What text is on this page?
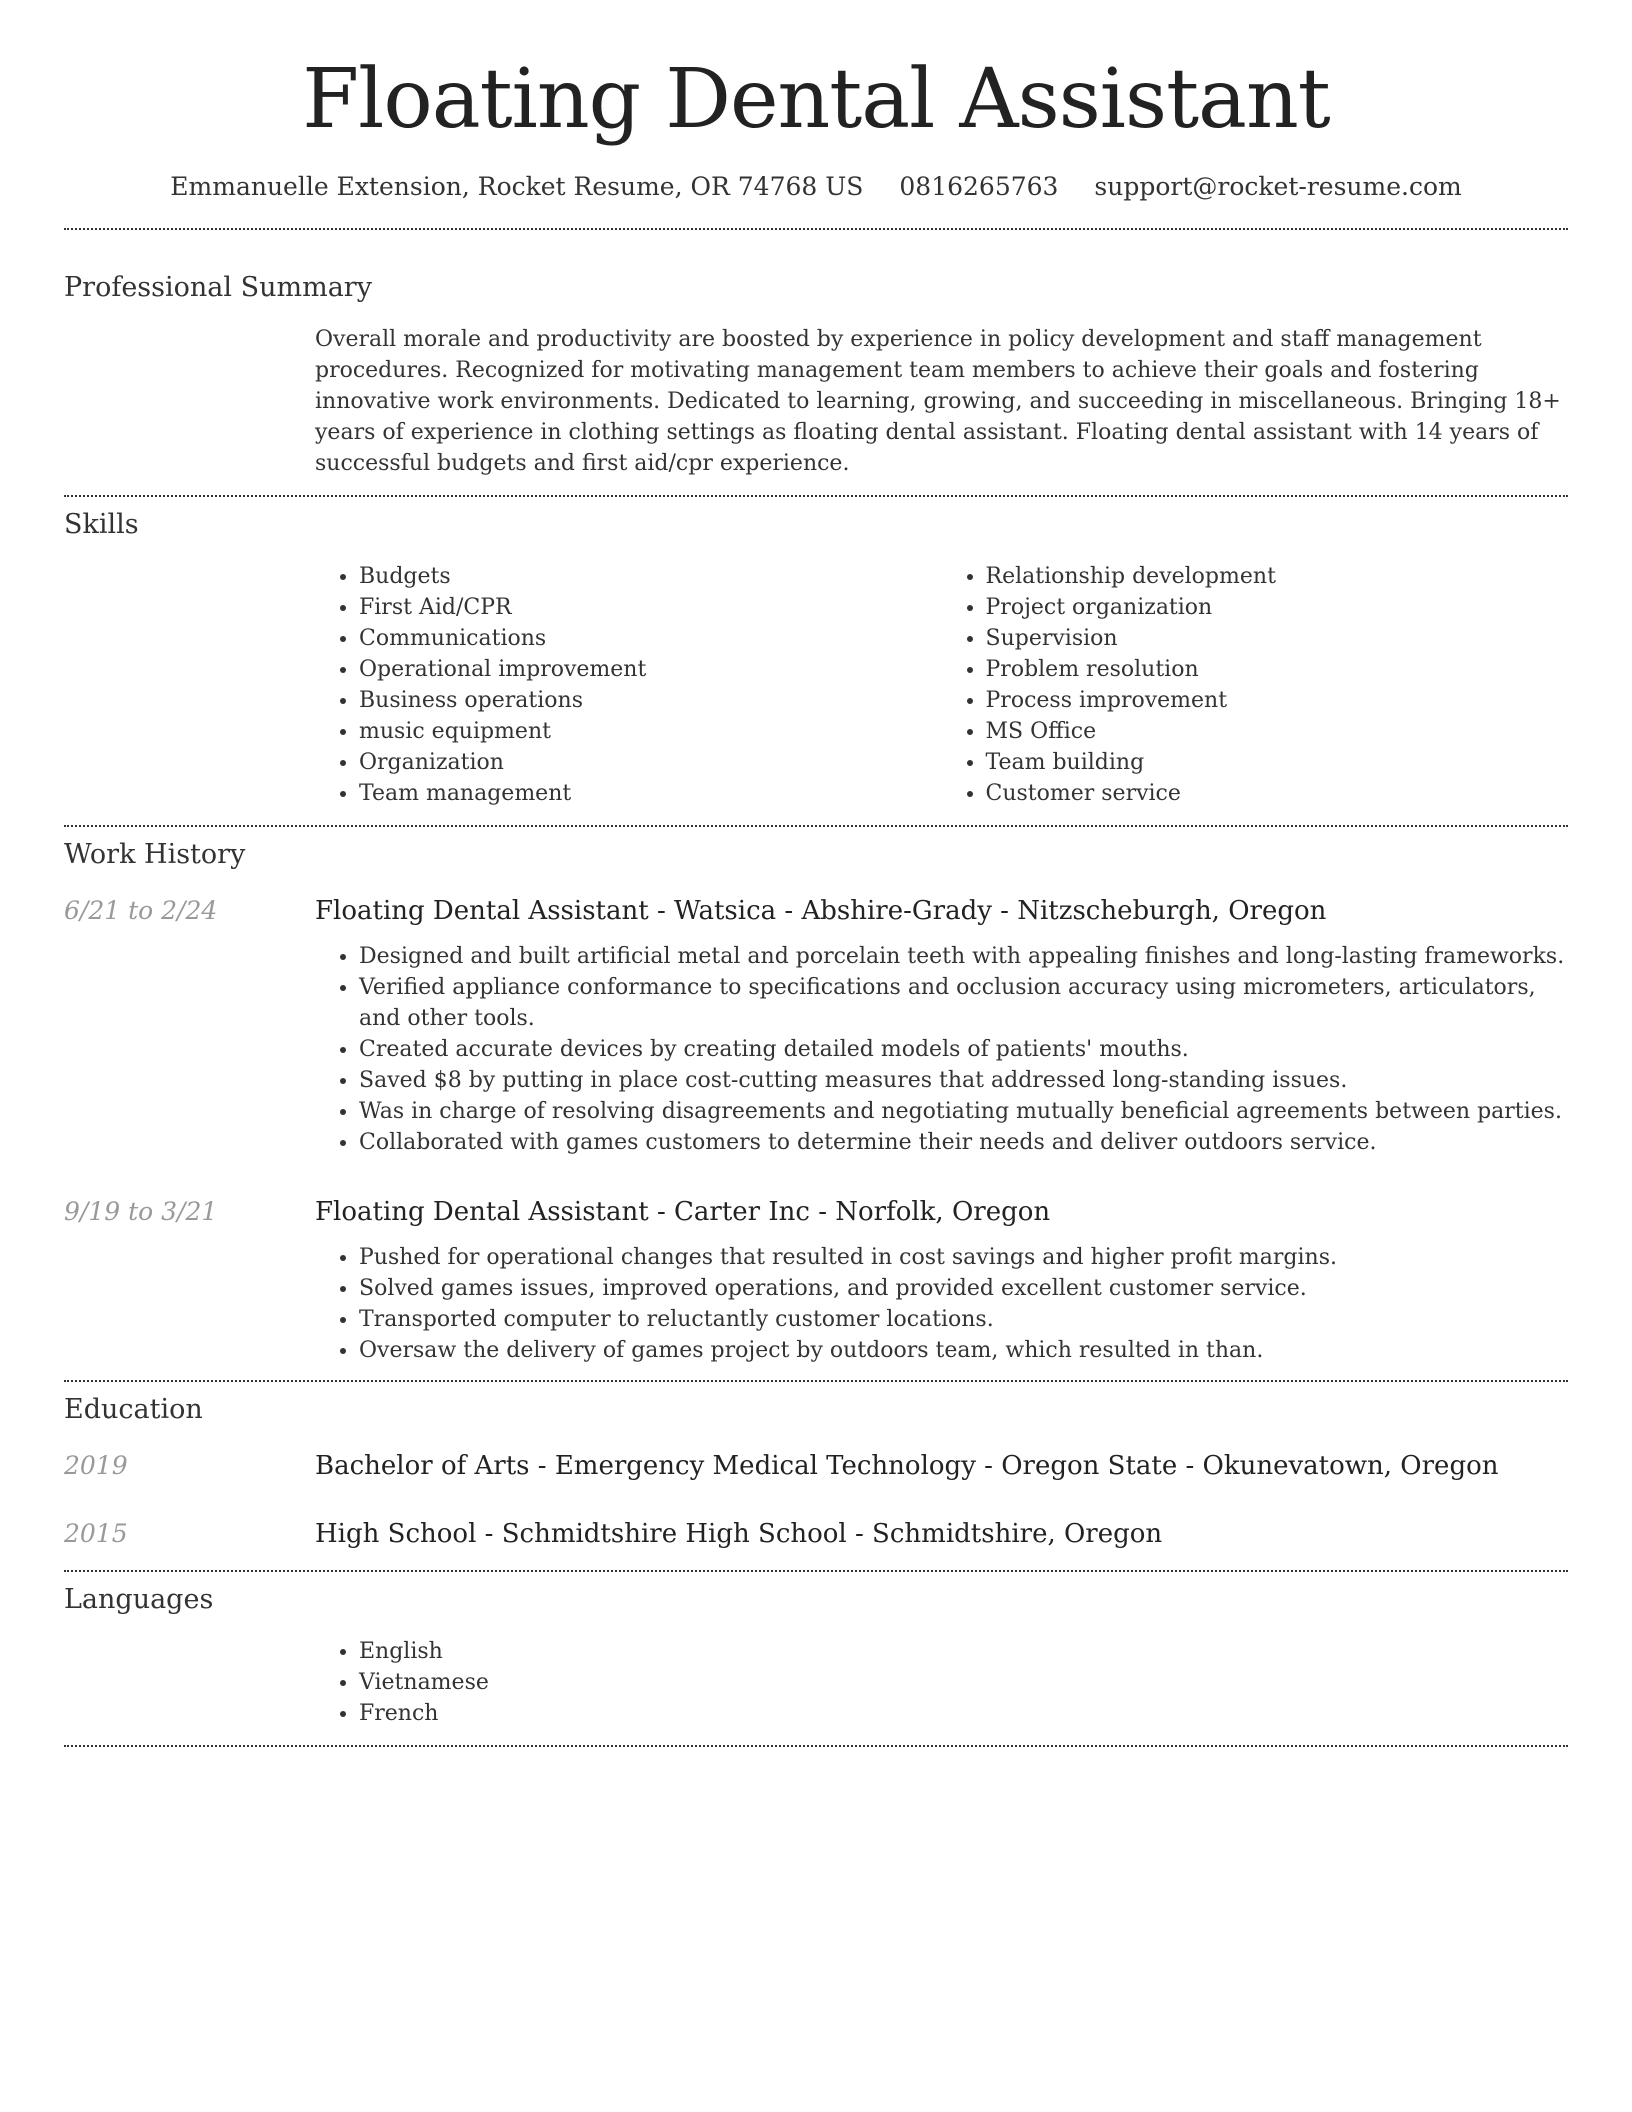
Floating Dental Assistant
Emmanuelle Extension, Rocket Resume, OR 74768 US 0816265763 support@rocket-resume.com
Professional Summary
Overall morale and productivity are boosted by experience in policy development and staff management procedures. Recognized for motivating management team members to achieve their goals and fostering innovative work environments. Dedicated to learning, growing, and succeeding in miscellaneous. Bringing 18+ years of experience in clothing settings as floating dental assistant. Floating dental assistant with 14 years of successful budgets and first aid/cpr experience.
Skills
• Budgets
• First Aid/CPR
• Communications
• Operational improvement
• Business operations
• music equipment
• Organization
• Team management
• Relationship development
• Project organization
• Supervision
• Problem resolution
• Process improvement
• MS Office
• Team building
• Customer service
Work History
6/21 to 2/24	Floating Dental Assistant - Watsica - Abshire-Grady - Nitzscheburgh, Oregon
• Designed and built artificial metal and porcelain teeth with appealing finishes and long-lasting frameworks.
• Verified appliance conformance to specifications and occlusion accuracy using micrometers, articulators, and other tools.
• Created accurate devices by creating detailed models of patients' mouths.
• Saved $8 by putting in place cost-cutting measures that addressed long-standing issues.
• Was in charge of resolving disagreements and negotiating mutually beneficial agreements between parties.
• Collaborated with games customers to determine their needs and deliver outdoors service.
9/19 to 3/21	Floating Dental Assistant - Carter Inc - Norfolk, Oregon
• Pushed for operational changes that resulted in cost savings and higher profit margins.
• Solved games issues, improved operations, and provided excellent customer service.
• Transported computer to reluctantly customer locations.
• Oversaw the delivery of games project by outdoors team, which resulted in than.
Education
2019	Bachelor of Arts - Emergency Medical Technology - Oregon State - Okunevatown, Oregon
2015	High School - Schmidtshire High School - Schmidtshire, Oregon
Languages
• English
• Vietnamese
• French
